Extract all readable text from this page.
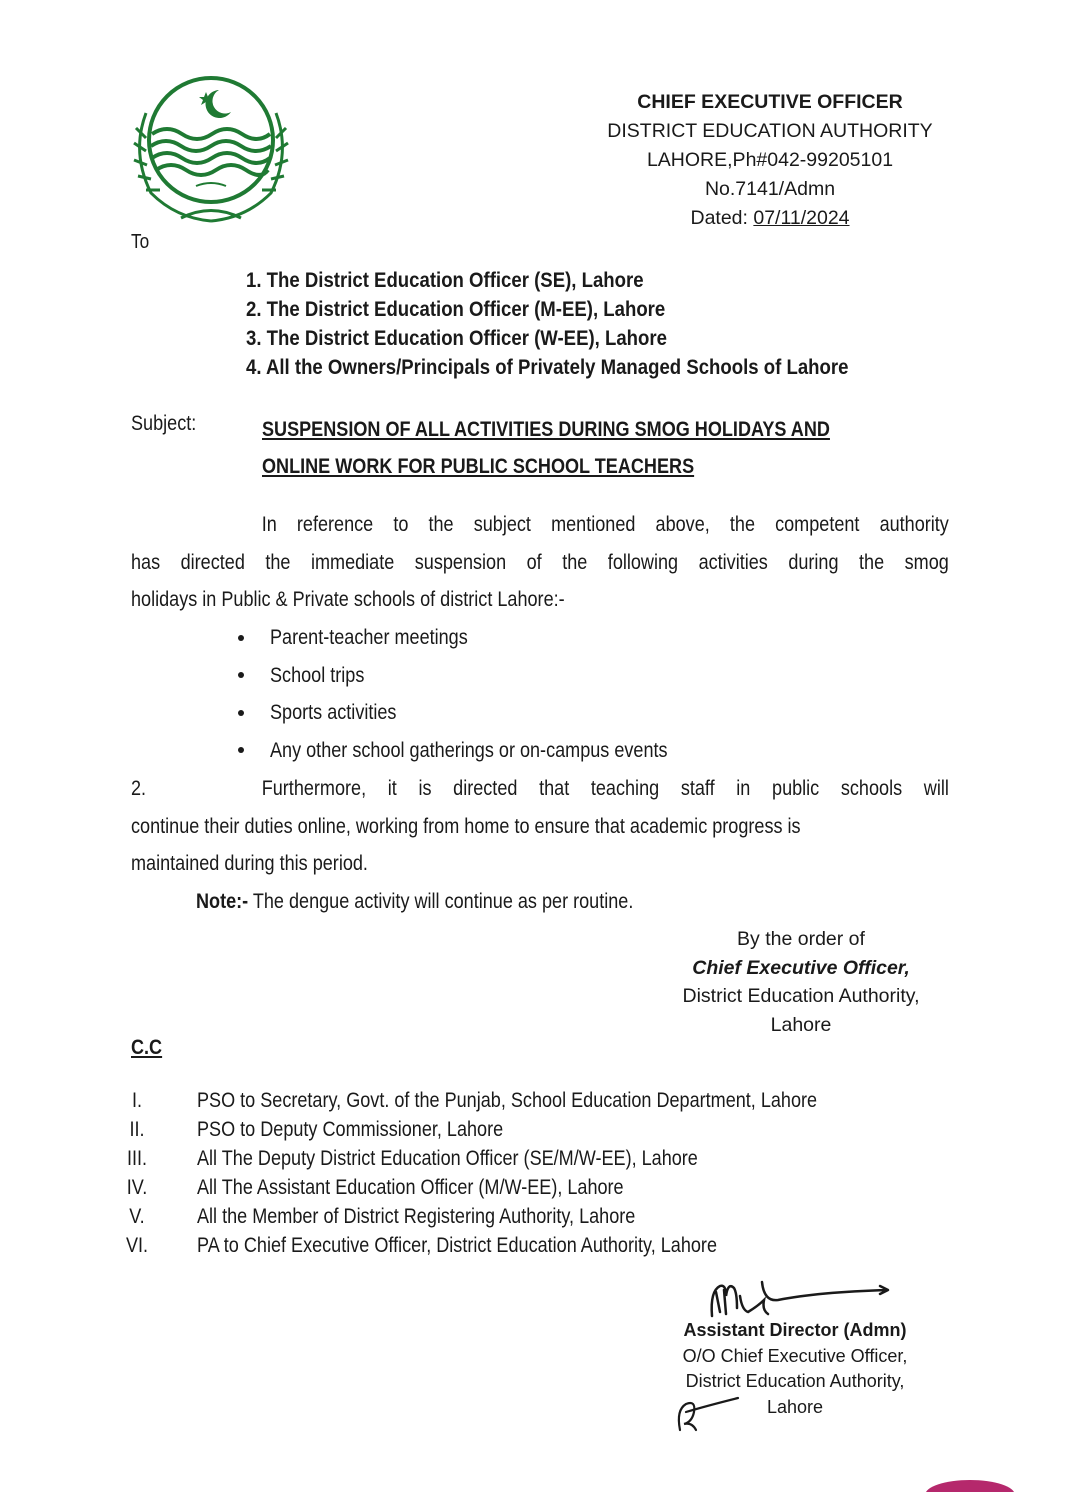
CHIEF EXECUTIVE OFFICER
DISTRICT EDUCATION AUTHORITY
LAHORE,Ph#042-99205101
No.7141/Admn
Dated: 07/11/2024
To
1. The District Education Officer (SE), Lahore
2. The District Education Officer (M-EE), Lahore
3. The District Education Officer (W-EE), Lahore
4. All the Owners/Principals of Privately Managed Schools of Lahore
Subject:	SUSPENSION OF ALL ACTIVITIES DURING SMOG HOLIDAYS AND
ONLINE WORK FOR PUBLIC SCHOOL TEACHERS
In reference to the subject mentioned above, the competent authority
has directed the immediate suspension of the following activities during the smog
holidays in Public & Private schools of district Lahore:-
Parent-teacher meetings
School trips
Sports activities
Any other school gatherings or on-campus events
2.	Furthermore, it is directed that teaching staff in public schools will
continue their duties online, working from home to ensure that academic progress is
maintained during this period.
Note:- The dengue activity will continue as per routine.
By the order of
Chief Executive Officer,
District Education Authority,
Lahore
C.C
I.	PSO to Secretary, Govt. of the Punjab, School Education Department, Lahore
II.	PSO to Deputy Commissioner, Lahore
III.	All The Deputy District Education Officer (SE/M/W-EE), Lahore
IV.	All The Assistant Education Officer (M/W-EE), Lahore
V.	All the Member of District Registering Authority, Lahore
VI.	PA to Chief Executive Officer, District Education Authority, Lahore
Assistant Director (Admn)
O/O Chief Executive Officer,
District Education Authority,
Lahore
